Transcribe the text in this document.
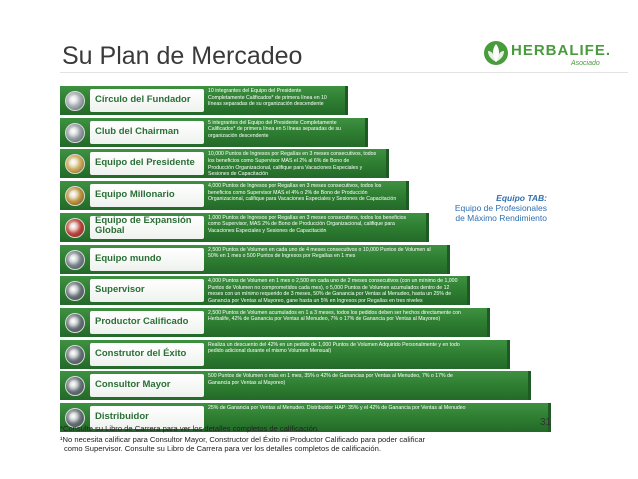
Su Plan de Mercadeo	HERBALIFE.
Asociado
Círculo del Fundador
10 integrantes del Equipo del Presidente Completamente Calificados* de primera línea en 10 líneas separadas de su organización descendente
Club del Chairman
5 integrantes del Equipo del Presidente Completamente Calificados* de primera línea en 5 líneas separadas de su organización descendente
Equipo del Presidente
10,000 Puntos de Ingresos por Regalías en 3 meses consecutivos, todos los beneficios como Supervisor MAS el 2% al 6% de Bono de Producción Organizacional, califique para Vacaciones Especiales y Sesiones de Capacitación
Equipo Millonario
4,000 Puntos de Ingresos por Regalías en 3 meses consecutivos, todos los beneficios como Supervisor MAS el 4% o 2% de Bono de Producción Organizacional, califique para Vacaciones Especiales y Sesiones de Capacitación
Equipo de Expansión Global
1,000 Puntos de Ingresos por Regalías en 3 meses consecutivos, todos los beneficios como Supervisor, MAS 2% de Bono de Producción Organizacional, califique para Vacaciones Especiales y Sesiones de Capacitación
Equipo mundo
2,500 Puntos de Volumen en cada uno de 4 meses consecutivos o 10,000 Puntos de Volumen al 50% en 1 mes o 500 Puntos de Ingresos por Regalías en 1 mes
Supervisor
4,000 Puntos de Volumen en 1 mes o 2,500 en cada uno de 2 meses consecutivos (con un mínimo de 1,000 Puntos de Volumen no comprometidos cada mes), o 5,000 Puntos de Volumen acumulados dentro de 12 meses con un mínimo requerido de 3 meses, 50% de Ganancia por Ventas al Menudeo, hasta un 25% de Ganancia por Ventas al Mayoreo, gane hasta un 5% en Ingresos por Regalías en tres niveles
Productor Calificado
2,500 Puntos de Volumen acumulados en 1 a 3 meses, todos los pedidos deben ser hechos directamente con Herbalife, 42% de Ganancia por Ventas al Menudeo, 7% o 17% de Ganancia por Ventas al Mayoreo)
Construtor del Éxito
Realiza un descuento del 42% en un pedido de 1,000 Puntos de Volumen Adquirido Personalmente y en todo pedido adicional durante el mismo Volumen Mensual)
Consultor Mayor
500 Puntos de Volumen o más en 1 mes, 35% o 42% de Ganancias por Ventas al Menudeo, 7% o 17% de Ganancia por Ventas al Mayoreo)
Distribuidor
25% de Ganancia por Ventas al Menudeo. Distribuidor HAP: 35% y el 42% de Ganancia por Ventas al Menudeo
Equipo TAB:
Equipo de Profesionales
de Máximo Rendimiento
*Consulte su Libro de Carrera para ver los detalles completos de calificación.
¹No necesita calificar para Consultor Mayor, Constructor del Éxito ni Productor Calificado para poder calificar
como Supervisor. Consulte su Libro de Carrera para ver los detalles completos de calificación.
31
